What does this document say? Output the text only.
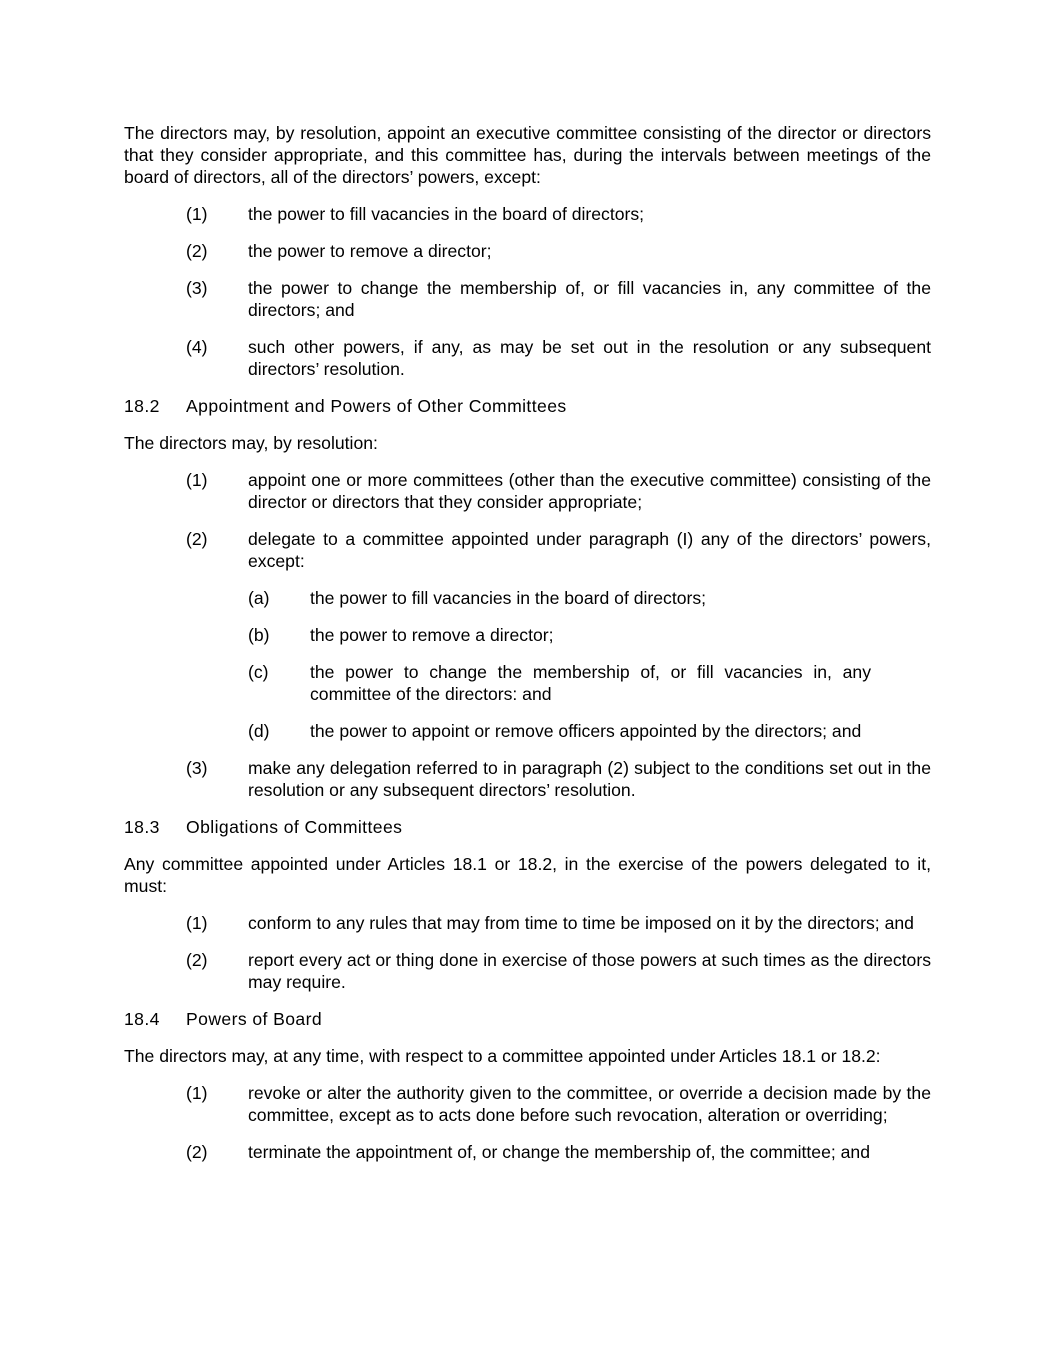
The directors may, by resolution, appoint an executive committee consisting of the director or directors that they consider appropriate, and this committee has, during the intervals between meetings of the board of directors, all of the directors’ powers, except:

(1)	the power to fill vacancies in the board of directors;
(2)	the power to remove a director;
(3)	the power to change the membership of, or fill vacancies in, any committee of the directors; and
(4)	such other powers, if any, as may be set out in the resolution or any subsequent directors’ resolution.
18.2	Appointment and Powers of Other Committees

The directors may, by resolution:

(1)	appoint one or more committees (other than the executive committee) consisting of the director or directors that they consider appropriate;
(2)	delegate to a committee appointed under paragraph (I) any of the directors’ powers, except:
(a)	the power to fill vacancies in the board of directors;
(b)	the power to remove a director;
(c)	the power to change the membership of, or fill vacancies in, any committee of the directors: and
(d)	the power to appoint or remove officers appointed by the directors; and
(3)	make any delegation referred to in paragraph (2) subject to the conditions set out in the resolution or any subsequent directors’ resolution.
18.3	Obligations of Committees

Any committee appointed under Articles 18.1 or 18.2, in the exercise of the powers delegated to it, must:

(1)	conform to any rules that may from time to time be imposed on it by the directors; and
(2)	report every act or thing done in exercise of those powers at such times as the directors may require.
18.4	Powers of Board

The directors may, at any time, with respect to a committee appointed under Articles 18.1 or 18.2:

(1)	revoke or alter the authority given to the committee, or override a decision made by the committee, except as to acts done before such revocation, alteration or overriding;
(2)	terminate the appointment of, or change the membership of, the committee; and
